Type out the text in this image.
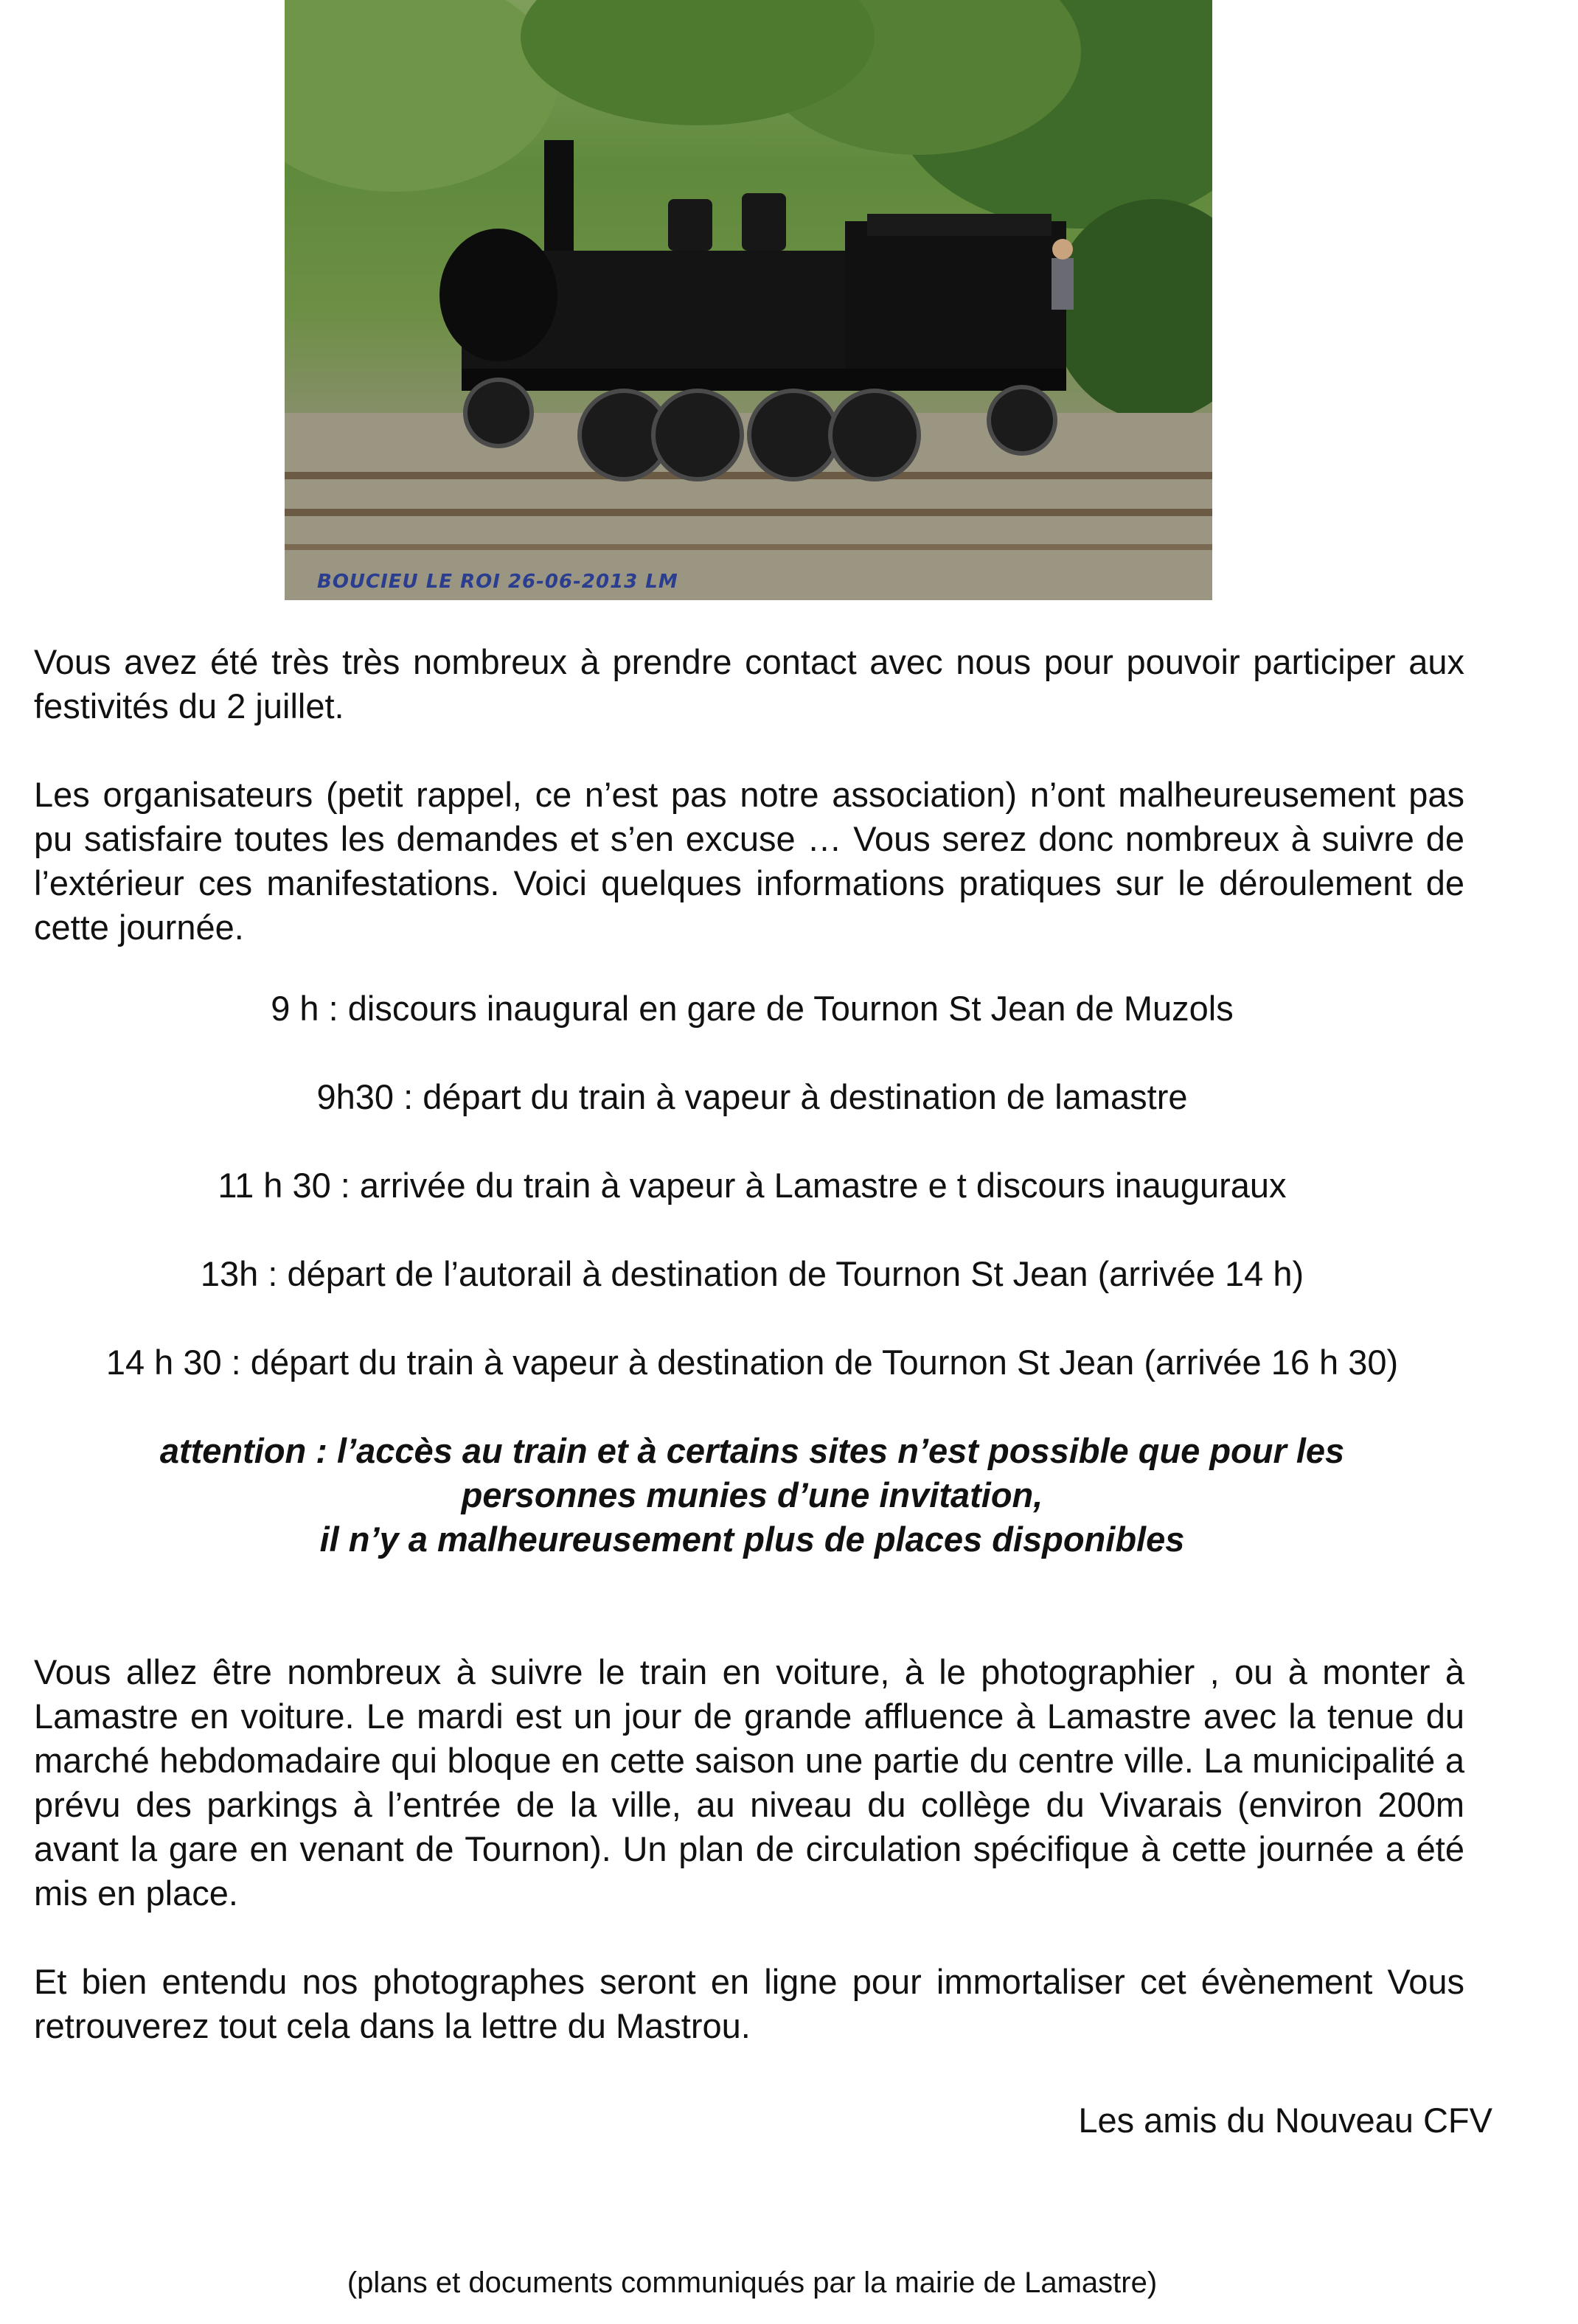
BOUCIEU LE ROI 26-06-2013 LM

Vous avez été très très nombreux à prendre contact avec nous pour pouvoir participer aux festivités du 2 juillet.

Les organisateurs (petit rappel, ce n’est pas notre association) n’ont malheureusement pas pu satisfaire toutes les demandes et s’en excuse … Vous serez donc nombreux à suivre de l’extérieur ces manifestations. Voici quelques informations pratiques sur le déroulement de cette journée.

9 h : discours inaugural en gare de Tournon St Jean de Muzols

9h30 : départ du train à vapeur à destination de lamastre

11 h 30 : arrivée du train à vapeur à Lamastre e t discours inauguraux

13h : départ de l’autorail à destination de Tournon St Jean (arrivée 14 h)

14 h 30 : départ du train à vapeur à destination de Tournon St Jean (arrivée 16 h 30)

attention : l’accès au train et à certains sites n’est possible que pour les

personnes munies d’une invitation,

il n’y a malheureusement plus de places disponibles

Vous allez être nombreux à suivre le train en voiture, à le photographier , ou à monter à Lamastre en voiture. Le mardi est un jour de grande affluence à Lamastre avec la tenue du marché hebdomadaire qui bloque en cette saison une partie du centre ville. La municipalité a prévu des parkings à l’entrée de la ville, au niveau du collège du Vivarais (environ 200m avant la gare en venant de Tournon). Un plan de circulation spécifique à cette journée a été mis en place.

Et bien entendu nos photographes seront en ligne pour immortaliser cet évènement Vous retrouverez tout cela dans la lettre du Mastrou.

Les amis du Nouveau CFV

(plans et documents communiqués par la mairie de Lamastre)
